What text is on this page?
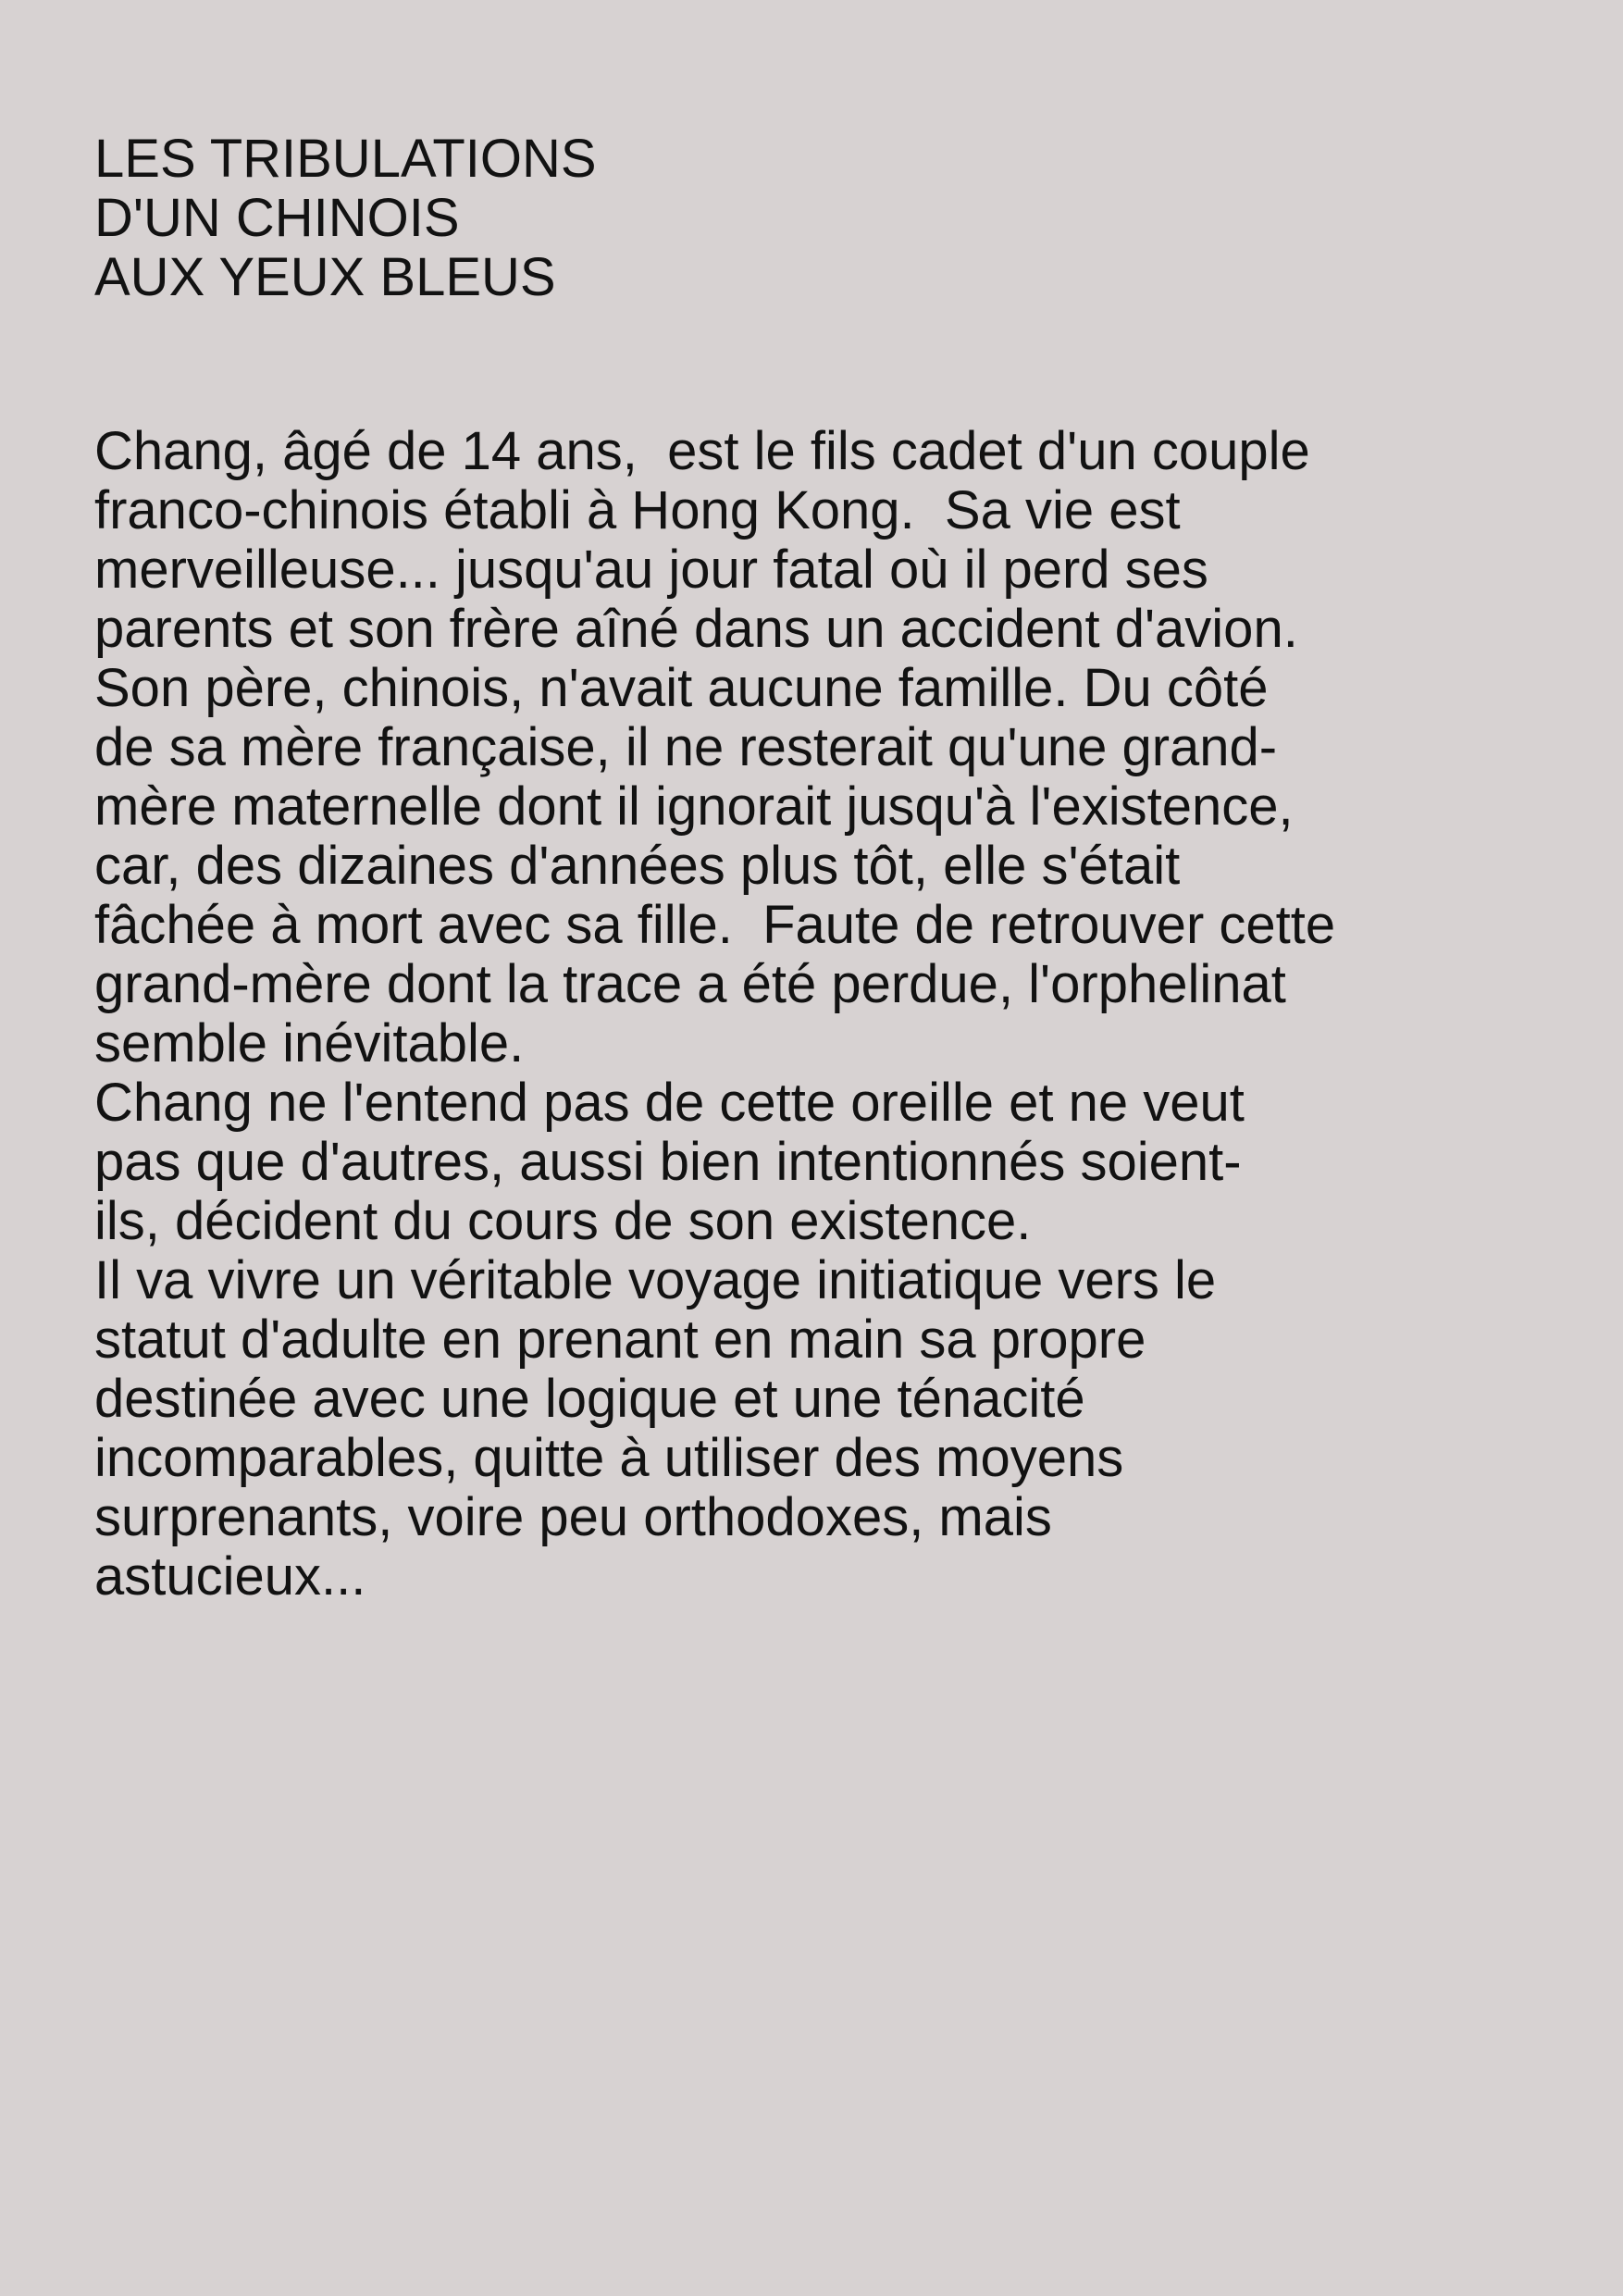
LES TRIBULATIONS
D'UN CHINOIS
AUX YEUX BLEUS

Chang, âgé de 14 ans,  est le fils cadet d'un couple
franco-chinois établi à Hong Kong.  Sa vie est
merveilleuse... jusqu'au jour fatal où il perd ses
parents et son frère aîné dans un accident d'avion.
Son père, chinois, n'avait aucune famille. Du côté
de sa mère française, il ne resterait qu'une grand-
mère maternelle dont il ignorait jusqu'à l'existence,
car, des dizaines d'années plus tôt, elle s'était
fâchée à mort avec sa fille.  Faute de retrouver cette
grand-mère dont la trace a été perdue, l'orphelinat
semble inévitable.

Chang ne l'entend pas de cette oreille et ne veut
pas que d'autres, aussi bien intentionnés soient-
ils, décident du cours de son existence.

Il va vivre un véritable voyage initiatique vers le
statut d'adulte en prenant en main sa propre
destinée avec une logique et une ténacité
incomparables, quitte à utiliser des moyens
surprenants, voire peu orthodoxes, mais
astucieux...
